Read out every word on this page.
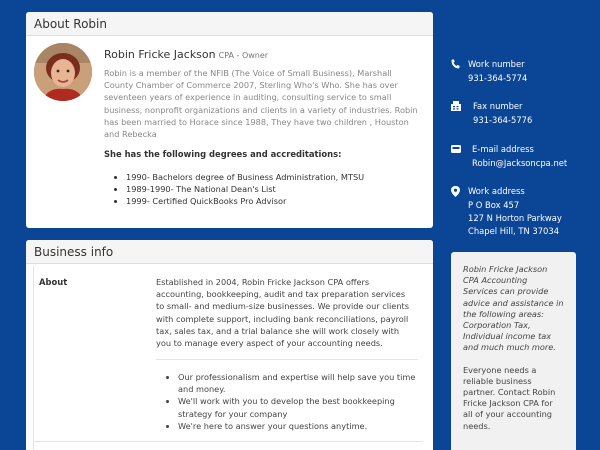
About Robin
Robin Fricke Jackson CPA - Owner
Robin is a member of the NFIB (The Voice of Small Business), Marshall County Chamber of Commerce 2007, Sterling Who's Who. She has over seventeen years of experience in auditing, consulting service to small business, nonprofit organizations and clients in a variety of industries. Robin has been married to Horace since 1988, They have two children , Houston and Rebecka
She has the following degrees and accreditations:
• 1990- Bachelors degree of Business Administration, MTSU
• 1989-1990- The National Dean's List
• 1999- Certified QuickBooks Pro Advisor
Work number
931-364-5774
Fax number
931-364-5776
E-mail address
Robin@Jacksoncpa.net
Work address
P O Box 457
127 N Horton Parkway
Chapel Hill, TN 37034
Business info
About	Established in 2004, Robin Fricke Jackson CPA offers accounting, bookkeeping, audit and tax preparation services to small- and medium-size businesses. We provide our clients with complete support, including bank reconciliations, payroll tax, sales tax, and a trial balance she will work closely with you to manage every aspect of your accounting needs.
• Our professionalism and expertise will help save you time and money.
• We'll work with you to develop the best bookkeeping strategy for your company
• We're here to answer your questions anytime.
Robin Fricke Jackson CPA Accounting Services can provide advice and assistance in the following areas: Corporation Tax, Individual income tax and much much more.
Everyone needs a reliable business partner. Contact Robin Fricke Jackson CPA for all of your accounting needs.
